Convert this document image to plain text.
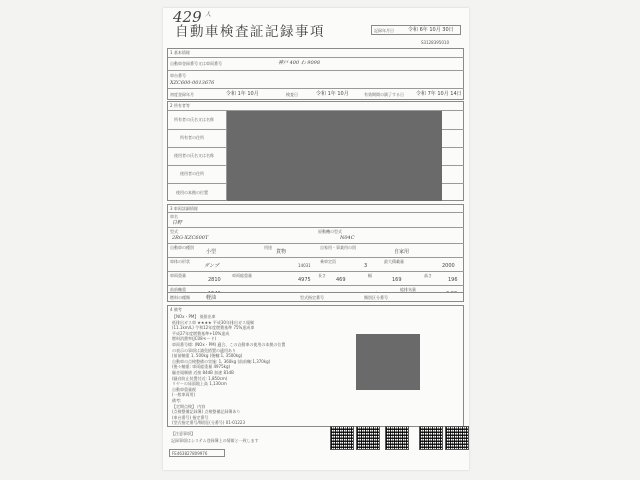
429 人
自動車検査証記録事項	記録年月日	令和 6年 10月 30日
S3128395010
1 基本情報
自動車登録番号又は車両番号	神戸 400 わ 9098
車台番号
XZC600-0013676
初度登録年月	令和 1年 10月	検査日	令和 1年 10月	有効期間の満了する日 令和 7年 10月 14日
2 所有者等
所有者の氏名又は名称
所有者の住所
使用者の氏名又は名称
使用者の住所
使用の本拠の位置
3 車両詳細情報
車名
日野
型式
2RG-XZC600T
原動機の型式
N04C
自動車の種別
小型
用途
貨物
自家用・事業用の別
自家用
車体の形状
ダンプ	14031
乗車定員
3
最大積載量
2000
車両重量
2810
車両総重量
4975
長さ
469
幅
169
高さ
196
前前軸重	総排気量
燃料の種類	軽油	型式指定番号	類別区分番号
4 備考
【NOx・PM】 低排出車
低排出ガス車 ★★★★ 平成30年排出ガス規制
(11.1km/L) 令和12年度燃費基準 75%達成車
平成27年度燃費基準+10%達成
燃料消費率(JC08モード)
車両番号標: (NOx・PM) 適合、この自動車の使用の本拠の位置
の表示の事項は減免措置の適用あり
(前前軸重 1, 500kg (後軸:1, 3500kg)
自動車の点検整備の実施: 1, 360kg (前前軸:1,370kg)
(後々軸重: 車両総重量 4975kg)
騒音規制値 近接 84dB 加速 81dB
(騒音防止装置付近: 1,850cm)
リヤーの床面地上高 1,130cm
自動車重量税
(一般車両用)
備考:
【定期点検】 内容
(点検整備記録簿) 点検整備記録簿あり
(車台番号) 指定番号
(型式指定番号/類別区分番号) 01-01223
【注意事項】
記録事項はシステム登録簿上の情報と一致します
FE463827809976
